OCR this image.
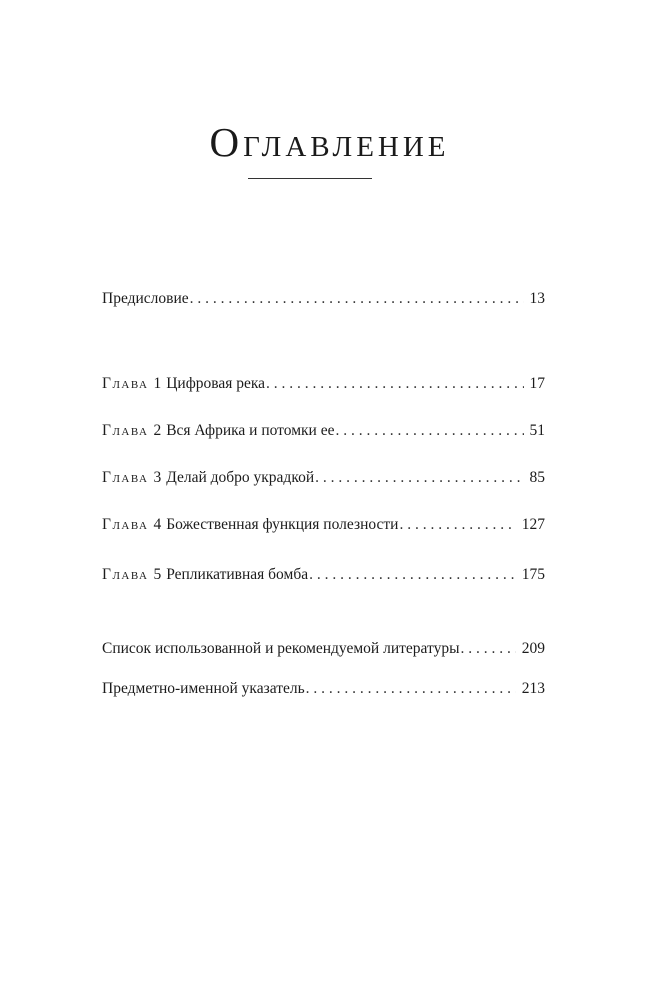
Оглавление
Предисловие . . .	13
Глава 1 Цифровая река . . .	17
Глава 2 Вся Африка и потомки ее . . .	51
Глава 3 Делай добро украдкой . . .	85
Глава 4 Божественная функция полезности . . .	127
Глава 5 Репликативная бомба . . .	175
Список использованной и рекомендуемой литературы . . .	209
Предметно-именной указатель . . .	213
